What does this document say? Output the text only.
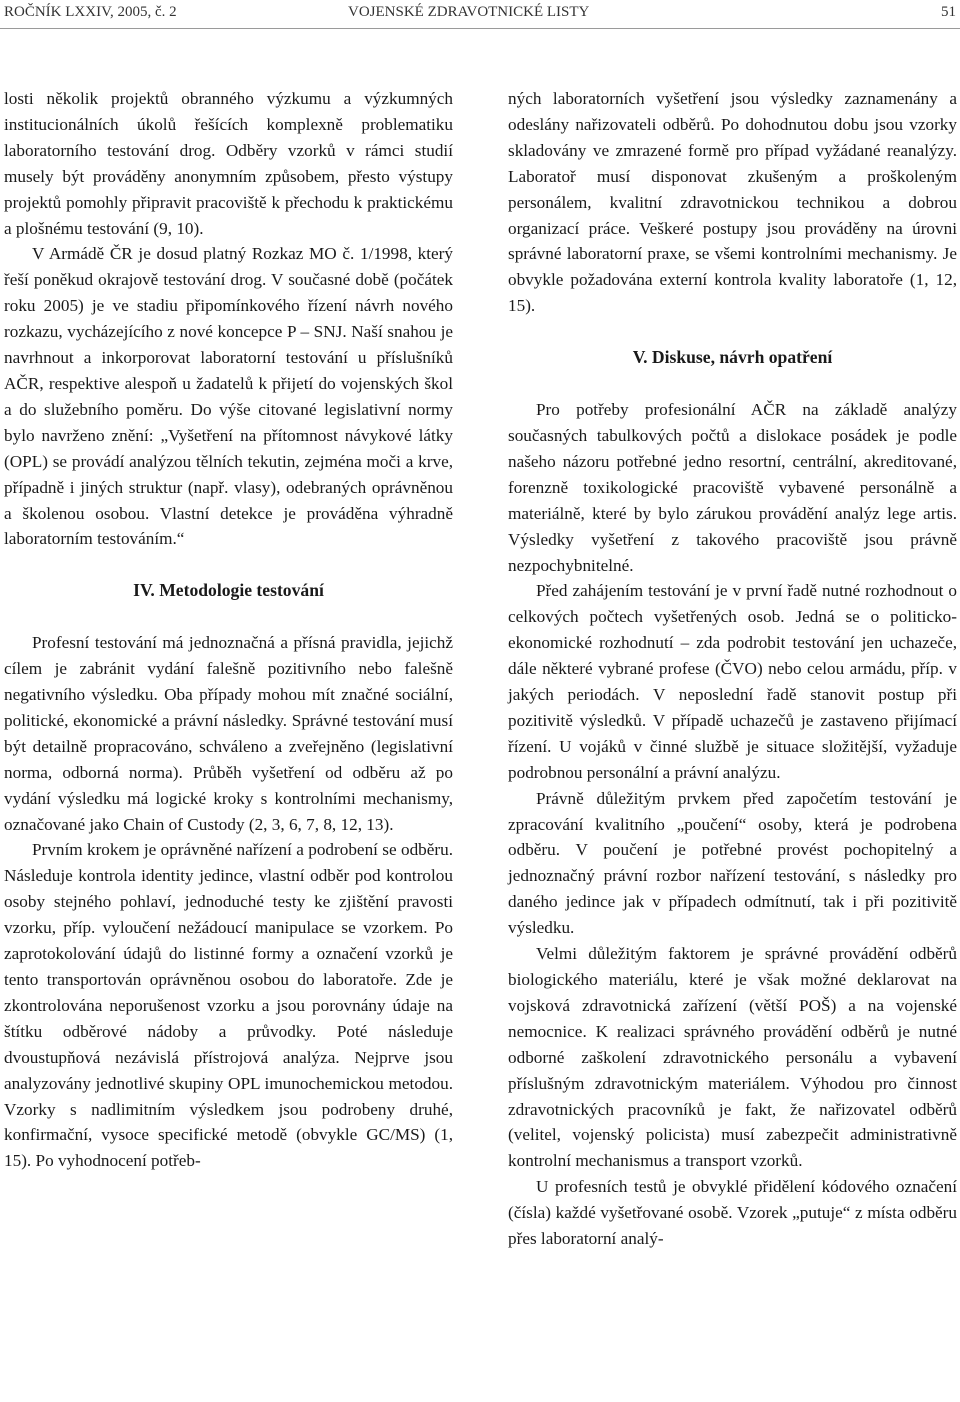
ROČNÍK LXXIV, 2005, č. 2	VOJENSKÉ ZDRAVOTNICKÉ LISTY	51

losti několik projektů obranného výzkumu a výzkumných institucionálních úkolů řešících komplexně problematiku laboratorního testování drog. Odběry vzorků v rámci studií musely být prováděny anonymním způsobem, přesto výstupy projektů pomohly připravit pracoviště k přechodu k praktickému a plošnému testování (9, 10).

V Armádě ČR je dosud platný Rozkaz MO č. 1/1998, který řeší poněkud okrajově testování drog. V současné době (počátek roku 2005) je ve stadiu připomínkového řízení návrh nového rozkazu, vycházejícího z nové koncepce P – SNJ. Naší snahou je navrhnout a inkorporovat laboratorní testování u příslušníků AČR, respektive alespoň u žadatelů k přijetí do vojenských škol a do služebního poměru. Do výše citované legislativní normy bylo navrženo znění: „Vyšetření na přítomnost návykové látky (OPL) se provádí analýzou tělních tekutin, zejména moči a krve, případně i jiných struktur (např. vlasy), odebraných oprávněnou a školenou osobou. Vlastní detekce je prováděna výhradně laboratorním testováním.“

IV. Metodologie testování

Profesní testování má jednoznačná a přísná pravidla, jejichž cílem je zabránit vydání falešně pozitivního nebo falešně negativního výsledku. Oba případy mohou mít značné sociální, politické, ekonomické a právní následky. Správné testování musí být detailně propracováno, schváleno a zveřejněno (legislativní norma, odborná norma). Průběh vyšetření od odběru až po vydání výsledku má logické kroky s kontrolními mechanismy, označované jako Chain of Custody (2, 3, 6, 7, 8, 12, 13).

Prvním krokem je oprávněné nařízení a podrobení se odběru. Následuje kontrola identity jedince, vlastní odběr pod kontrolou osoby stejného pohlaví, jednoduché testy ke zjištění pravosti vzorku, příp. vyloučení nežádoucí manipulace se vzorkem. Po zaprotokolování údajů do listinné formy a označení vzorků je tento transportován oprávněnou osobou do laboratoře. Zde je zkontrolována neporušenost vzorku a jsou porovnány údaje na štítku odběrové nádoby a průvodky. Poté následuje dvoustupňová nezávislá přístrojová analýza. Nejprve jsou analyzovány jednotlivé skupiny OPL imunochemickou metodou. Vzorky s nadlimitním výsledkem jsou podrobeny druhé, konfirmační, vysoce specifické metodě (obvykle GC/MS) (1, 15). Po vyhodnocení potřeb-

ných laboratorních vyšetření jsou výsledky zaznamenány a odeslány nařizovateli odběrů. Po dohodnutou dobu jsou vzorky skladovány ve zmrazené formě pro případ vyžádané reanalýzy. Laboratoř musí disponovat zkušeným a proškoleným personálem, kvalitní zdravotnickou technikou a dobrou organizací práce. Veškeré postupy jsou prováděny na úrovni správné laboratorní praxe, se všemi kontrolními mechanismy. Je obvykle požadována externí kontrola kvality laboratoře (1, 12, 15).

V. Diskuse, návrh opatření

Pro potřeby profesionální AČR na základě analýzy současných tabulkových počtů a dislokace posádek je podle našeho názoru potřebné jedno resortní, centrální, akreditované, forenzně toxikologické pracoviště vybavené personálně a materiálně, které by bylo zárukou provádění analýz lege artis. Výsledky vyšetření z takového pracoviště jsou právně nezpochybnitelné.

Před zahájením testování je v první řadě nutné rozhodnout o celkových počtech vyšetřených osob. Jedná se o politicko-ekonomické rozhodnutí – zda podrobit testování jen uchazeče, dále některé vybrané profese (ČVO) nebo celou armádu, příp. v jakých periodách. V neposlední řadě stanovit postup při pozitivitě výsledků. V případě uchazečů je zastaveno přijímací řízení. U vojáků v činné službě je situace složitější, vyžaduje podrobnou personální a právní analýzu.

Právně důležitým prvkem před započetím testování je zpracování kvalitního „poučení“ osoby, která je podrobena odběru. V poučení je potřebné provést pochopitelný a jednoznačný právní rozbor nařízení testování, s následky pro daného jedince jak v případech odmítnutí, tak i při pozitivitě výsledku.

Velmi důležitým faktorem je správné provádění odběrů biologického materiálu, které je však možné deklarovat na vojsková zdravotnická zařízení (větší POŠ) a na vojenské nemocnice. K realizaci správného provádění odběrů je nutné odborné zaškolení zdravotnického personálu a vybavení příslušným zdravotnickým materiálem. Výhodou pro činnost zdravotnických pracovníků je fakt, že nařizovatel odběrů (velitel, vojenský policista) musí zabezpečit administrativně kontrolní mechanismus a transport vzorků.

U profesních testů je obvyklé přidělení kódového označení (čísla) každé vyšetřované osobě. Vzorek „putuje“ z místa odběru přes laboratorní analý-
